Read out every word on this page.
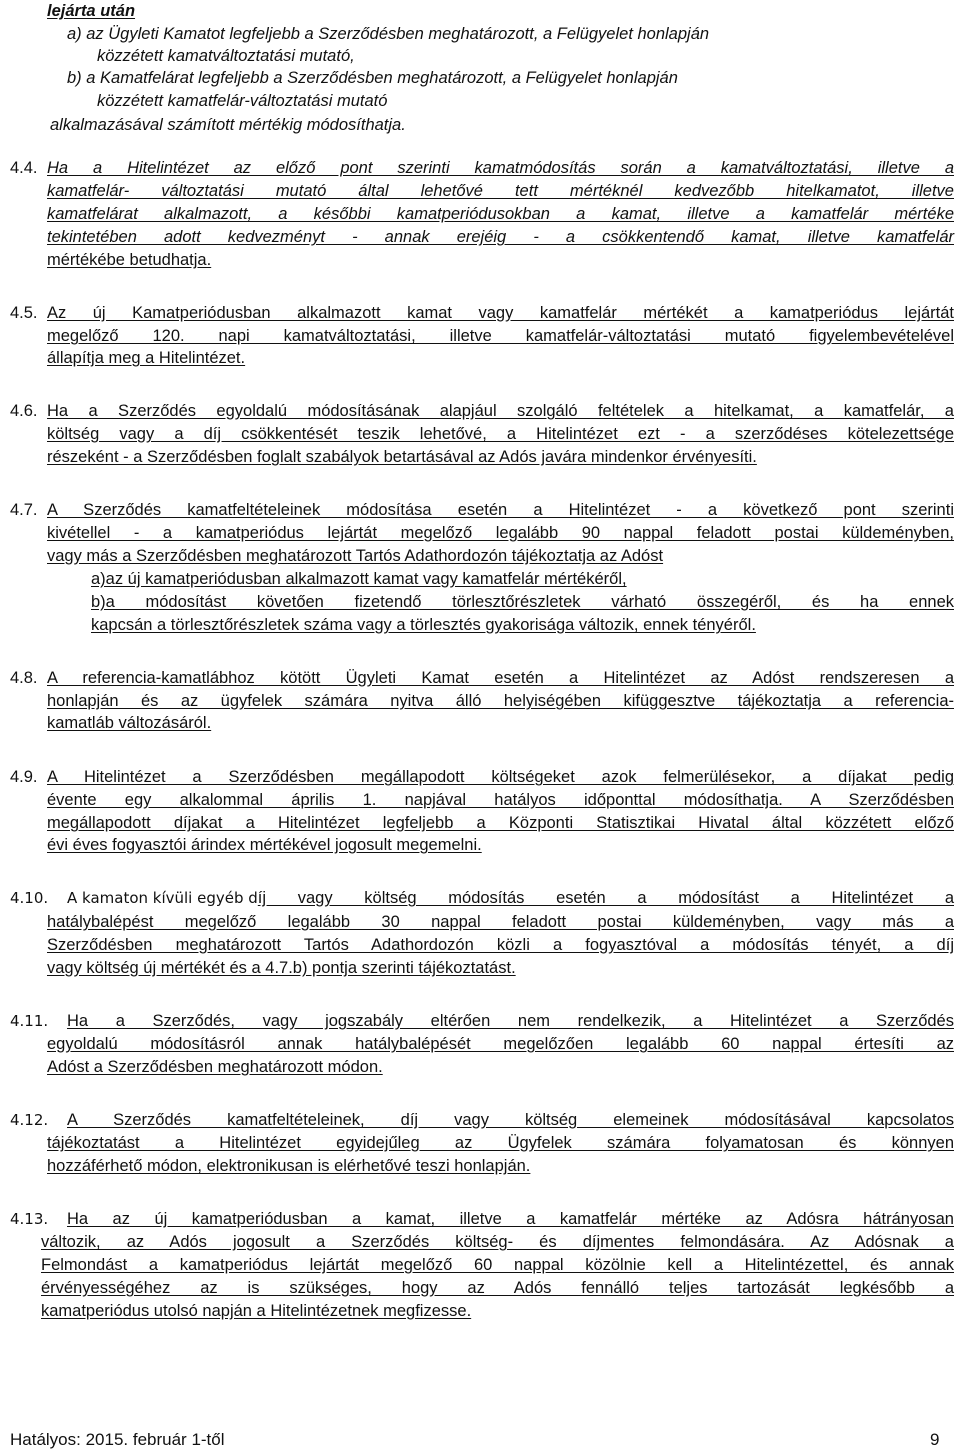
lejárta után
a) az Ügyleti Kamatot legfeljebb a Szerződésben meghatározott, a Felügyelet honlapján
közzétett kamatváltoztatási mutató,
b) a Kamatfelárat legfeljebb a Szerződésben meghatározott, a Felügyelet honlapján
közzétett kamatfelár-változtatási mutató
alkalmazásával számított mértékig módosíthatja.
4.4. Ha a Hitelintézet az előző pont szerinti kamatmódosítás során a kamatváltoztatási, illetve a
kamatfelár- változtatási mutató által lehetővé tett mértéknél kedvezőbb hitelkamatot, illetve
kamatfelárat alkalmazott, a későbbi kamatperiódusokban a kamat, illetve a kamatfelár mértéke
tekintetében adott kedvezményt - annak erejéig - a csökkentendő kamat, illetve kamatfelár
mértékébe betudhatja.
4.5. Az új Kamatperiódusban alkalmazott kamat vagy kamatfelár mértékét a kamatperiódus lejártát
megelőző 120. napi kamatváltoztatási, illetve kamatfelár-változtatási mutató figyelembevételével
állapítja meg a Hitelintézet.
4.6. Ha a Szerződés egyoldalú módosításának alapjául szolgáló feltételek a hitelkamat, a kamatfelár, a
költség vagy a díj csökkentését teszik lehetővé, a Hitelintézet ezt - a szerződéses kötelezettsége
részeként - a Szerződésben foglalt szabályok betartásával az Adós javára mindenkor érvényesíti.
4.7. A Szerződés kamatfeltételeinek módosítása esetén a Hitelintézet - a következő pont szerinti
kivétellel - a kamatperiódus lejártát megelőző legalább 90 nappal feladott postai küldeményben,
vagy más a Szerződésben meghatározott Tartós Adathordozón tájékoztatja az Adóst
a)az új kamatperiódusban alkalmazott kamat vagy kamatfelár mértékéről,
b)a módosítást követően fizetendő törlesztőrészletek várható összegéről, és ha ennek
kapcsán a törlesztőrészletek száma vagy a törlesztés gyakorisága változik, ennek tényéről.
4.8. A referencia-kamatlábhoz kötött Ügyleti Kamat esetén a Hitelintézet az Adóst rendszeresen a
honlapján és az ügyfelek számára nyitva álló helyiségében kifüggesztve tájékoztatja a referencia-
kamatláb változásáról.
4.9. A Hitelintézet a Szerződésben megállapodott költségeket azok felmerülésekor, a díjakat pedig
évente egy alkalommal április 1. napjával hatályos időponttal módosíthatja. A Szerződésben
megállapodott díjakat a Hitelintézet legfeljebb a Központi Statisztikai Hivatal által közzétett előző
évi éves fogyasztói árindex mértékével jogosult megemelni.
4.10. A kamaton kívüli egyéb d íj vagy költség módosítás esetén a módosítást a Hitelintézet a
hatálybalépést megelőző legalább 30 nappal feladott postai küldeményben, vagy más a
Szerződésben meghatározott Tartós Adathordozón közli a fogyasztóval a módosítás tényét, a díj
vagy költség új mértékét és a 4.7.b) pontja szerinti tájékoztatást.
4.11. Ha a Szerződés, vagy jogszabály eltérően nem rendelkezik, a Hitelintézet a Szerződés
egyoldalú módosításról annak hatálybalépését megelőzően legalább 60 nappal értesíti az
Adóst a Szerződésben meghatározott módon.
4.12. A Szerződés kamatfeltételeinek, díj vagy költség elemeinek módosításával kapcsolatos
tájékoztatást a Hitelintézet egyidejűleg az Ügyfelek számára folyamatosan és könnyen
hozzáférhető módon, elektronikusan is elérhetővé teszi honlapján.
4.13. Ha az új kamatperiódusban a kamat, illetve a kamatfelár mértéke az Adósra hátrányosan
változik, az Adós jogosult a Szerződés költség- és díjmentes felmondására. Az Adósnak a
Felmondást a kamatperiódus lejártát megelőző 60 nappal közölnie kell a Hitelintézettel, és annak
érvényességéhez az is szükséges, hogy az Adós fennálló teljes tartozását legkésőbb a
kamatperiódus utolsó napján a Hitelintézetnek megfizesse.
Hatályos: 2015. február 1-től	9
